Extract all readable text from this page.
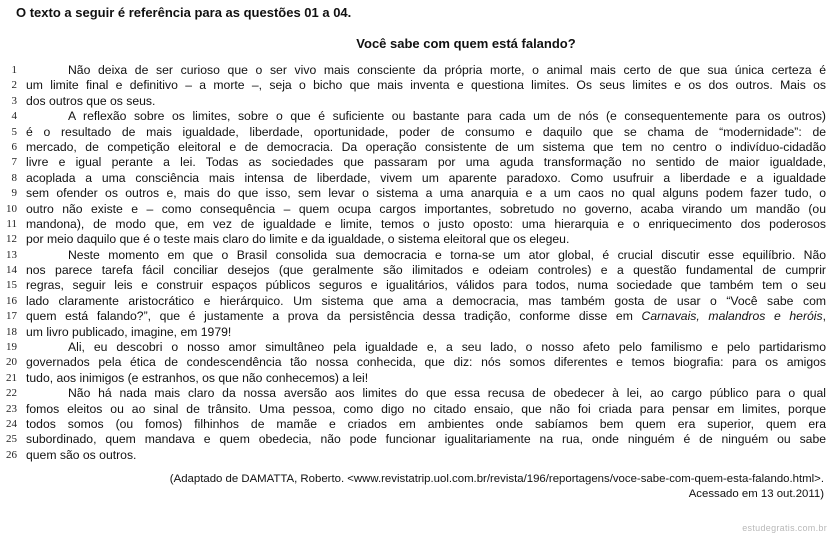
O texto a seguir é referência para as questões 01 a 04.
Você sabe com quem está falando?
1	Não deixa de ser curioso que o ser vivo mais consciente da própria morte, o animal mais certo de que sua única certeza é
2 um limite final e definitivo – a morte –, seja o bicho que mais inventa e questiona limites. Os seus limites e os dos outros. Mais os
3 dos outros que os seus.
4	A reflexão sobre os limites, sobre o que é suficiente ou bastante para cada um de nós (e consequentemente para os outros)
5 é o resultado de mais igualdade, liberdade, oportunidade, poder de consumo e daquilo que se chama de “modernidade”: de
6 mercado, de competição eleitoral e de democracia. Da operação consistente de um sistema que tem no centro o indivíduo-cidadão
7 livre e igual perante a lei. Todas as sociedades que passaram por uma aguda transformação no sentido de maior igualdade,
8 acoplada a uma consciência mais intensa de liberdade, vivem um aparente paradoxo. Como usufruir a liberdade e a igualdade
9 sem ofender os outros e, mais do que isso, sem levar o sistema a uma anarquia e a um caos no qual alguns podem fazer tudo, o
10 outro não existe e – como consequência – quem ocupa cargos importantes, sobretudo no governo, acaba virando um mandão (ou
11 mandona), de modo que, em vez de igualdade e limite, temos o justo oposto: uma hierarquia e o enriquecimento dos poderosos
12 por meio daquilo que é o teste mais claro do limite e da igualdade, o sistema eleitoral que os elegeu.
13	Neste momento em que o Brasil consolida sua democracia e torna-se um ator global, é crucial discutir esse equilíbrio. Não
14 nos parece tarefa fácil conciliar desejos (que geralmente são ilimitados e odeiam controles) e a questão fundamental de cumprir
15 regras, seguir leis e construir espaços públicos seguros e igualitários, válidos para todos, numa sociedade que também tem o seu
16 lado claramente aristocrático e hierárquico. Um sistema que ama a democracia, mas também gosta de usar o “Você sabe com
17 quem está falando?”, que é justamente a prova da persistência dessa tradição, conforme disse em Carnavais, malandros e heróis,
18 um livro publicado, imagine, em 1979!
19	Ali, eu descobri o nosso amor simultâneo pela igualdade e, a seu lado, o nosso afeto pelo familismo e pelo partidarismo
20 governados pela ética de condescendência tão nossa conhecida, que diz: nós somos diferentes e temos biografia: para os amigos
21 tudo, aos inimigos (e estranhos, os que não conhecemos) a lei!
22	Não há nada mais claro da nossa aversão aos limites do que essa recusa de obedecer à lei, ao cargo público para o qual
23 fomos eleitos ou ao sinal de trânsito. Uma pessoa, como digo no citado ensaio, que não foi criada para pensar em limites, porque
24 todos somos (ou fomos) filhinhos de mamãe e criados em ambientes onde sabíamos bem quem era superior, quem era
25 subordinado, quem mandava e quem obedecia, não pode funcionar igualitariamente na rua, onde ninguém é de ninguém ou sabe
26 quem são os outros.
(Adaptado de DAMATTA, Roberto. <www.revistatrip.uol.com.br/revista/196/reportagens/voce-sabe-com-quem-esta-falando.html>.
Acessado em 13 out.2011)
estudegratis.com.br
